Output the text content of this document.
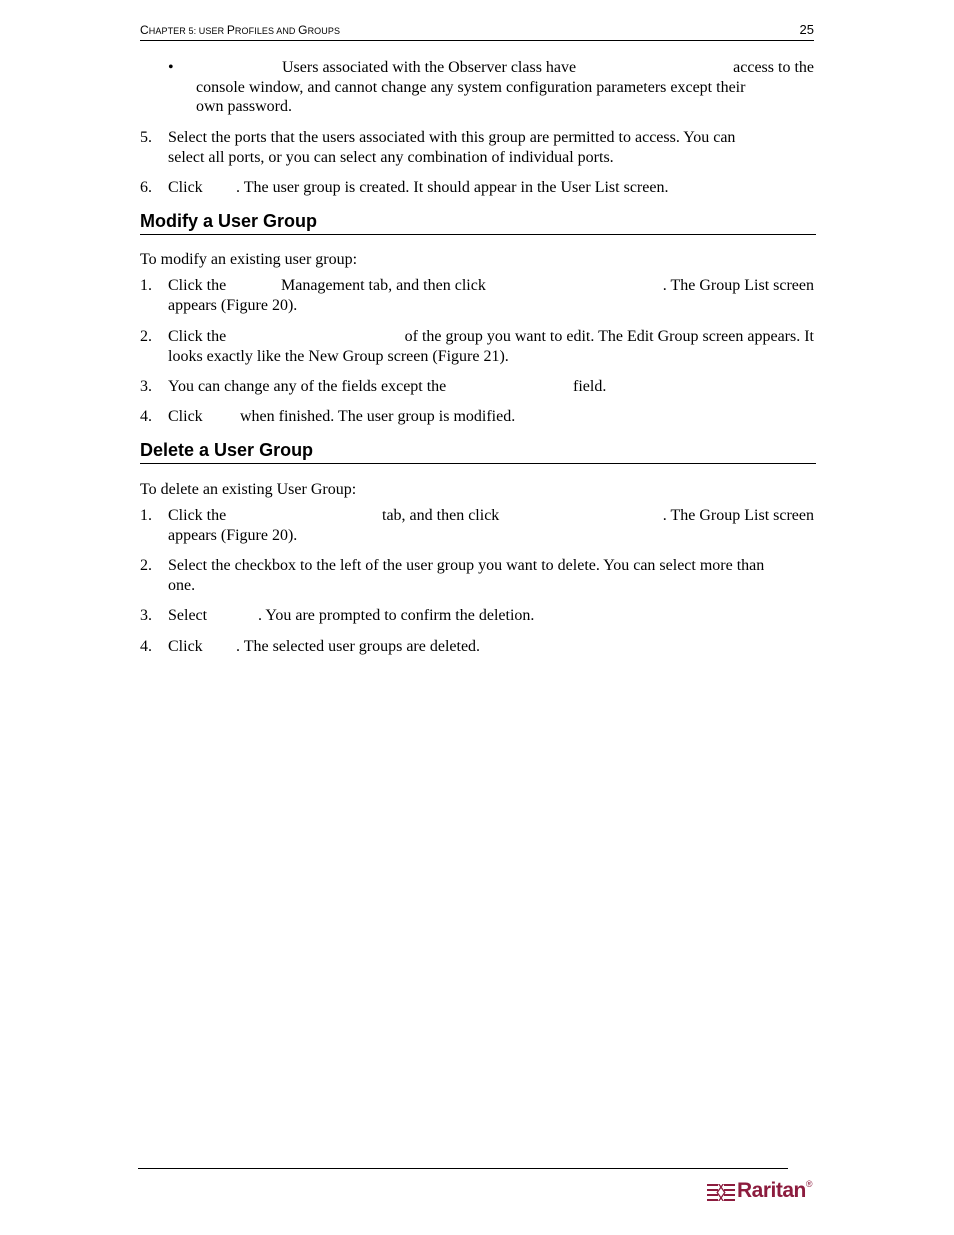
CHAPTER 5: USER PROFILES AND GROUPS	25
•	Users associated with the Observer class have	access to the
console window, and cannot change any system configuration parameters except their
own password.
5.	Select the ports that the users associated with this group are permitted to access. You can
select all ports, or you can select any combination of individual ports.
6.	Click . The user group is created. It should appear in the User List screen.
Modify a User Group
To modify an existing user group:
1.	Click the	Management tab, and then click	. The Group List screen
appears (Figure 20).
2.	Click the	of the group you want to edit. The Edit Group screen appears. It
looks exactly like the New Group screen (Figure 21).
3.	You can change any of the fields except the	field.
4.	Click when finished. The user group is modified.
Delete a User Group
To delete an existing User Group:
1.	Click the	tab, and then click	. The Group List screen
appears (Figure 20).
2.	Select the checkbox to the left of the user group you want to delete. You can select more than
one.
3.	Select	. You are prompted to confirm the deletion.
4.	Click . The selected user groups are deleted.
Raritan®
